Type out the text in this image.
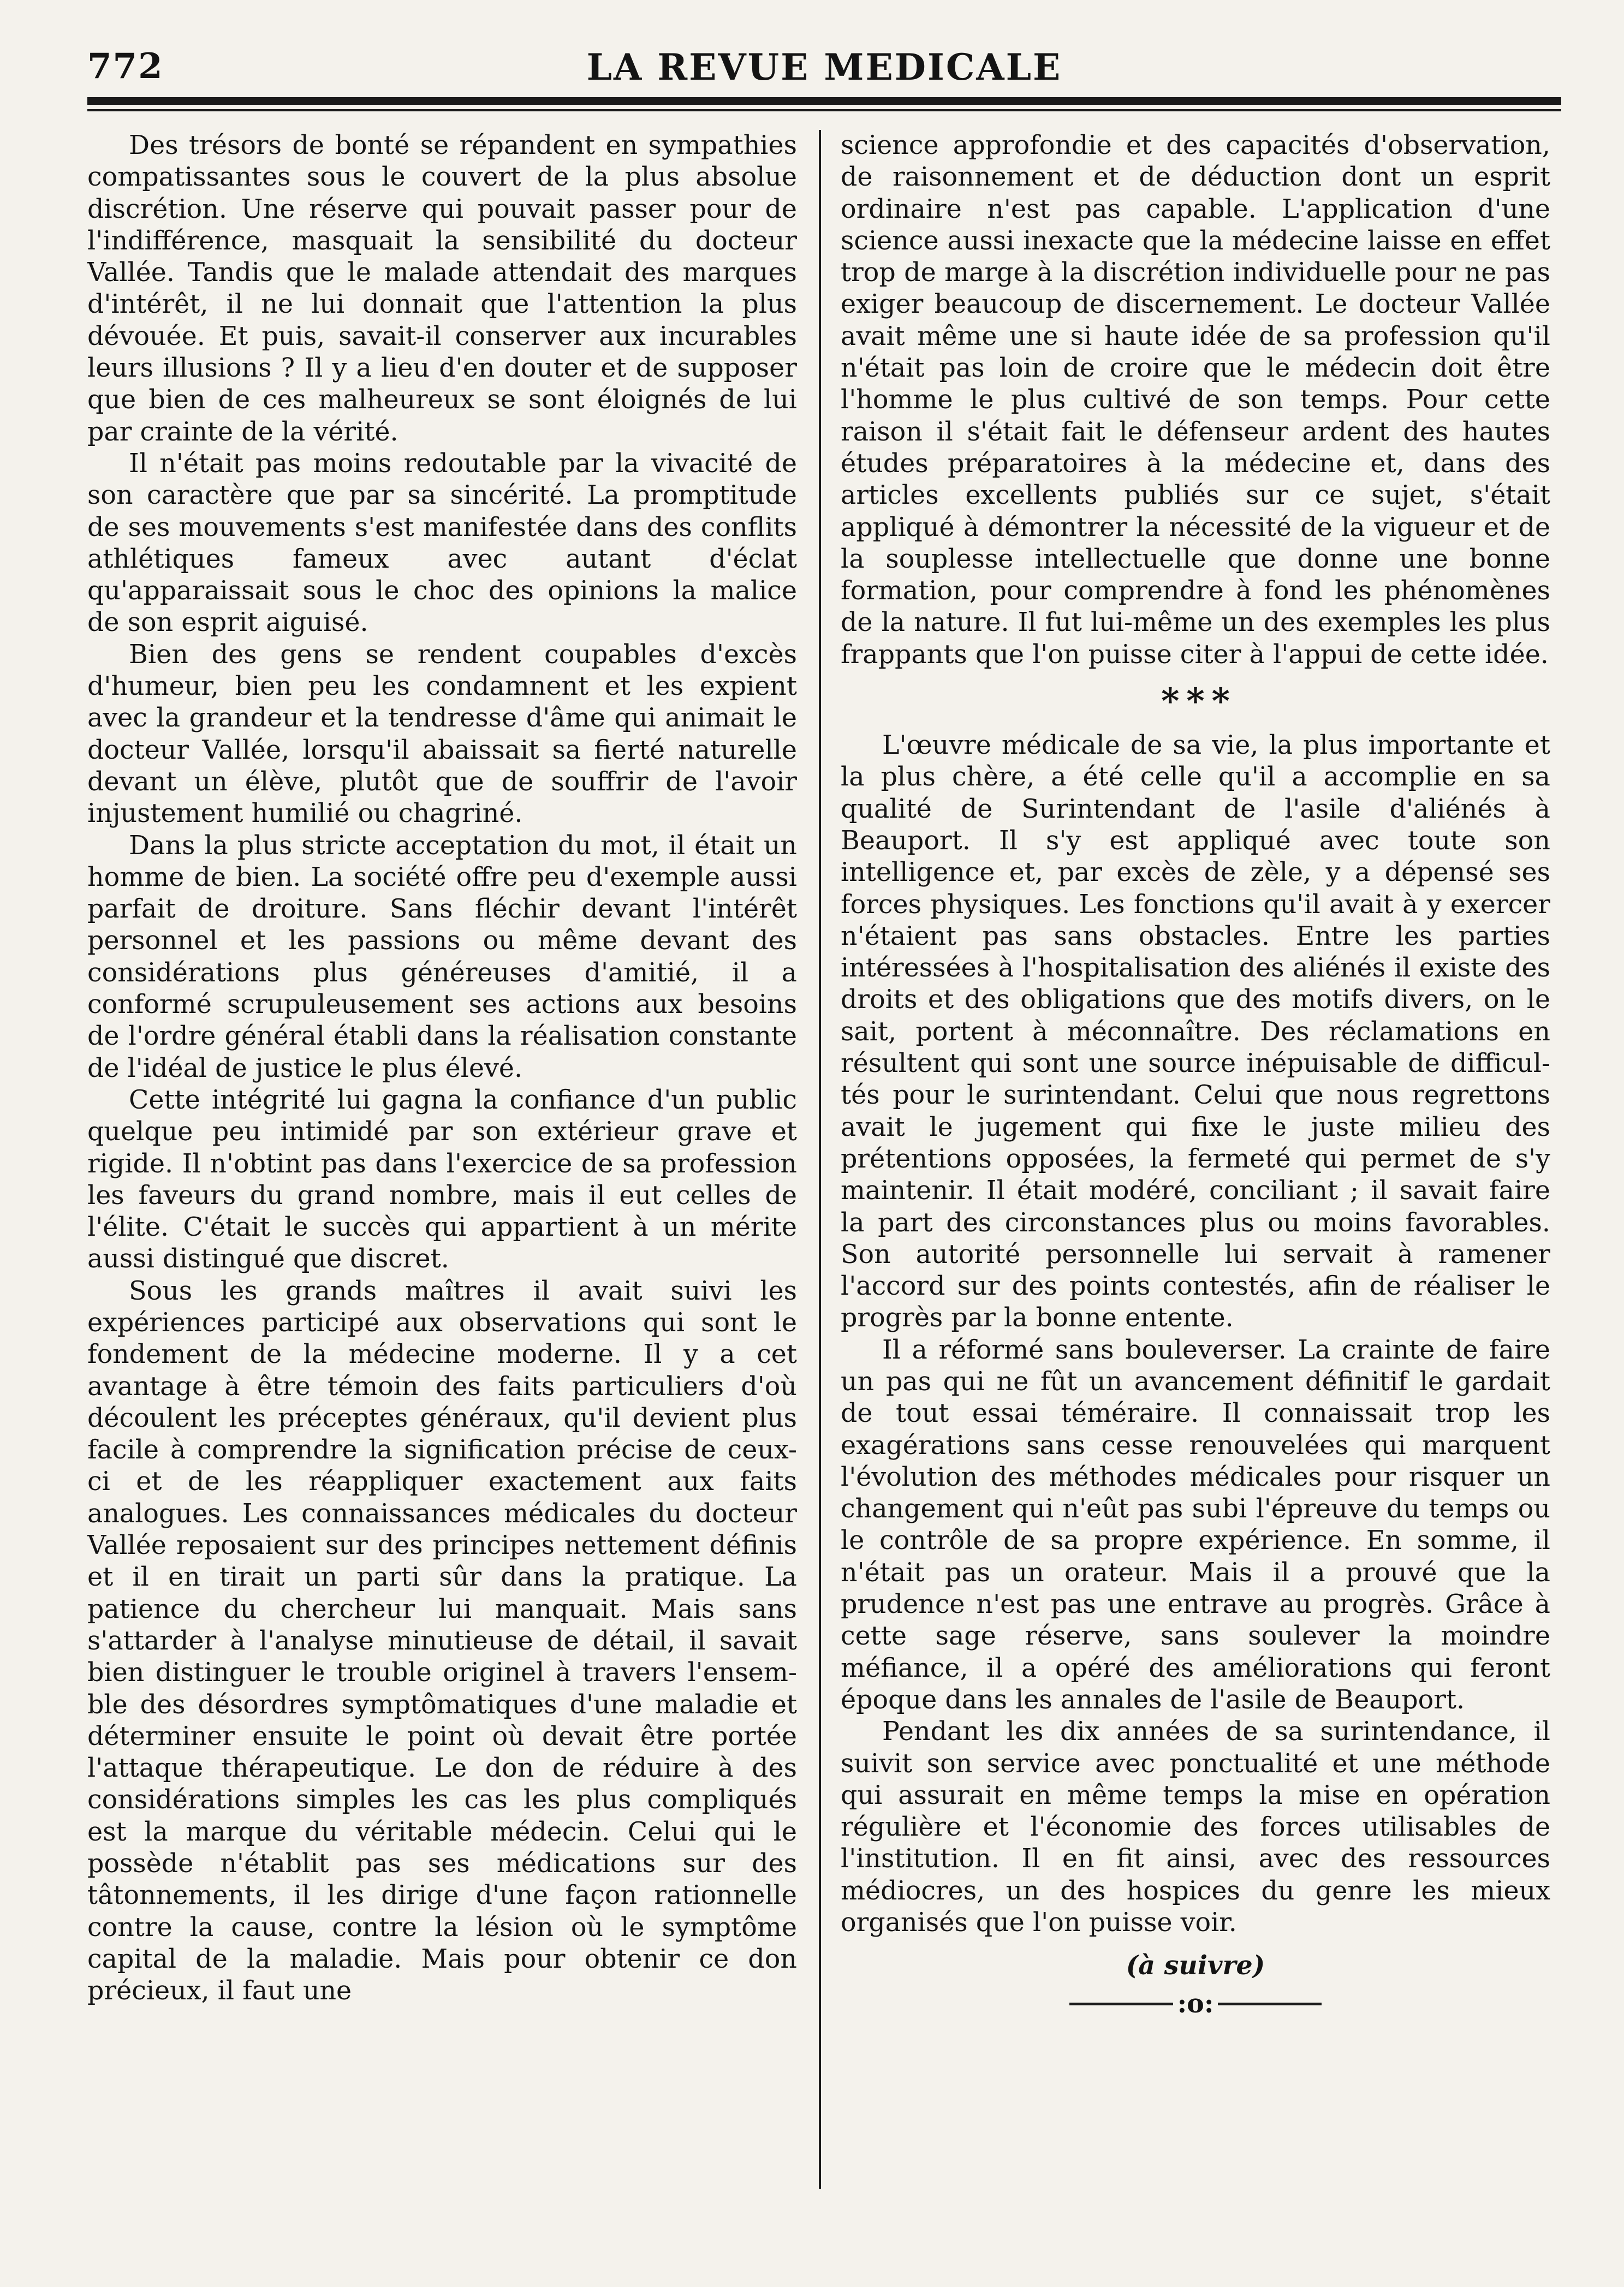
772	LA REVUE MEDICALE

Des trésors de bonté se répandent en sympathies compatissantes sous le couvert de la plus absolue discrétion. Une réserve qui pouvait passer pour de l'indifférence, masquait la sensibilité du docteur Vallée. Tandis que le malade attendait des marques d'intérêt, il ne lui donnait que l'attention la plus dévouée. Et puis, savait-il conserver aux incurables leurs illusions ? Il y a lieu d'en douter et de supposer que bien de ces malheureux se sont éloignés de lui par crainte de la vérité.

Il n'était pas moins redoutable par la vivacité de son caractère que par sa sincérité. La promptitude de ses mouvements s'est manifestée dans des conflits athlétiques fameux avec autant d'éclat qu'apparaissait sous le choc des opinions la malice de son esprit aiguisé.

Bien des gens se rendent coupables d'excès d'humeur, bien peu les condamnent et les expient avec la grandeur et la tendresse d'âme qui animait le docteur Vallée, lorsqu'il abaissait sa fierté naturelle devant un élève, plutôt que de souffrir de l'avoir injustement humilié ou chagriné.

Dans la plus stricte acceptation du mot, il était un homme de bien. La société offre peu d'exemple aussi parfait de droiture. Sans fléchir devant l'intérêt personnel et les passions ou même devant des considérations plus généreuses d'amitié, il a conformé scrupuleusement ses actions aux besoins de l'ordre général établi dans la réalisation constante de l'idéal de justice le plus élevé.

Cette intégrité lui gagna la confiance d'un public quelque peu intimidé par son extérieur grave et rigide. Il n'obtint pas dans l'exercice de sa profession les faveurs du grand nombre, mais il eut celles de l'élite. C'était le succès qui appartient à un mérite aussi distingué que discret.

Sous les grands maîtres il avait suivi les expériences participé aux observations qui sont le fondement de la médecine moderne. Il y a cet avantage à être témoin des faits particuliers d'où découlent les préceptes généraux, qu'il devient plus facile à comprendre la signification précise de ceux-ci et de les réappliquer exactement aux faits analogues. Les connaissances médicales du docteur Vallée reposaient sur des principes nettement définis et il en tirait un parti sûr dans la pratique. La patience du chercheur lui manquait. Mais sans s'attarder à l'analyse minutieuse de détail, il savait bien distinguer le trouble originel à travers l'ensemble des désordres symptômatiques d'une maladie et déterminer ensuite le point où devait être portée l'attaque thérapeutique. Le don de réduire à des considérations simples les cas les plus compliqués est la marque du véritable médecin. Celui qui le possède n'établit pas ses médications sur des tâtonnements, il les dirige d'une façon rationnelle contre la cause, contre la lésion où le symptôme capital de la maladie. Mais pour obtenir ce don précieux, il faut une

science approfondie et des capacités d'observation, de raisonnement et de déduction dont un esprit ordinaire n'est pas capable. L'application d'une science aussi inexacte que la médecine laisse en effet trop de marge à la discrétion individuelle pour ne pas exiger beaucoup de discernement. Le docteur Vallée avait même une si haute idée de sa profession qu'il n'était pas loin de croire que le médecin doit être l'homme le plus cultivé de son temps. Pour cette raison il s'était fait le défenseur ardent des hautes études préparatoires à la médecine et, dans des articles excellents publiés sur ce sujet, s'était appliqué à démontrer la nécessité de la vigueur et de la souplesse intellectuelle que donne une bonne formation, pour comprendre à fond les phénomènes de la nature. Il fut lui-même un des exemples les plus frappants que l'on puisse citer à l'appui de cette idée.

* * *

L'œuvre médicale de sa vie, la plus importante et la plus chère, a été celle qu'il a accomplie en sa qualité de Surintendant de l'asile d'aliénés à Beauport. Il s'y est appliqué avec toute son intelligence et, par excès de zèle, y a dépensé ses forces physiques. Les fonctions qu'il avait à y exercer n'étaient pas sans obstacles. Entre les parties intéressées à l'hospitalisation des aliénés il existe des droits et des obligations que des motifs divers, on le sait, portent à méconnaître. Des réclamations en résultent qui sont une source inépuisable de difficultés pour le surintendant. Celui que nous regrettons avait le jugement qui fixe le juste milieu des prétentions opposées, la fermeté qui permet de s'y maintenir. Il était modéré, conciliant ; il savait faire la part des circonstances plus ou moins favorables. Son autorité personnelle lui servait à ramener l'accord sur des points contestés, afin de réaliser le progrès par la bonne entente.

Il a réformé sans bouleverser. La crainte de faire un pas qui ne fût un avancement définitif le gardait de tout essai téméraire. Il connaissait trop les exagérations sans cesse renouvelées qui marquent l'évolution des méthodes médicales pour risquer un changement qui n'eût pas subi l'épreuve du temps ou le contrôle de sa propre expérience. En somme, il n'était pas un orateur. Mais il a prouvé que la prudence n'est pas une entrave au progrès. Grâce à cette sage réserve, sans soulever la moindre méfiance, il a opéré des améliorations qui feront époque dans les annales de l'asile de Beauport.

Pendant les dix années de sa surintendance, il suivit son service avec ponctualité et une méthode qui assurait en même temps la mise en opération régulière et l'économie des forces utilisables de l'institution. Il en fit ainsi, avec des ressources médiocres, un des hospices du genre les mieux organisés que l'on puisse voir.

(à suivre)
:o:
